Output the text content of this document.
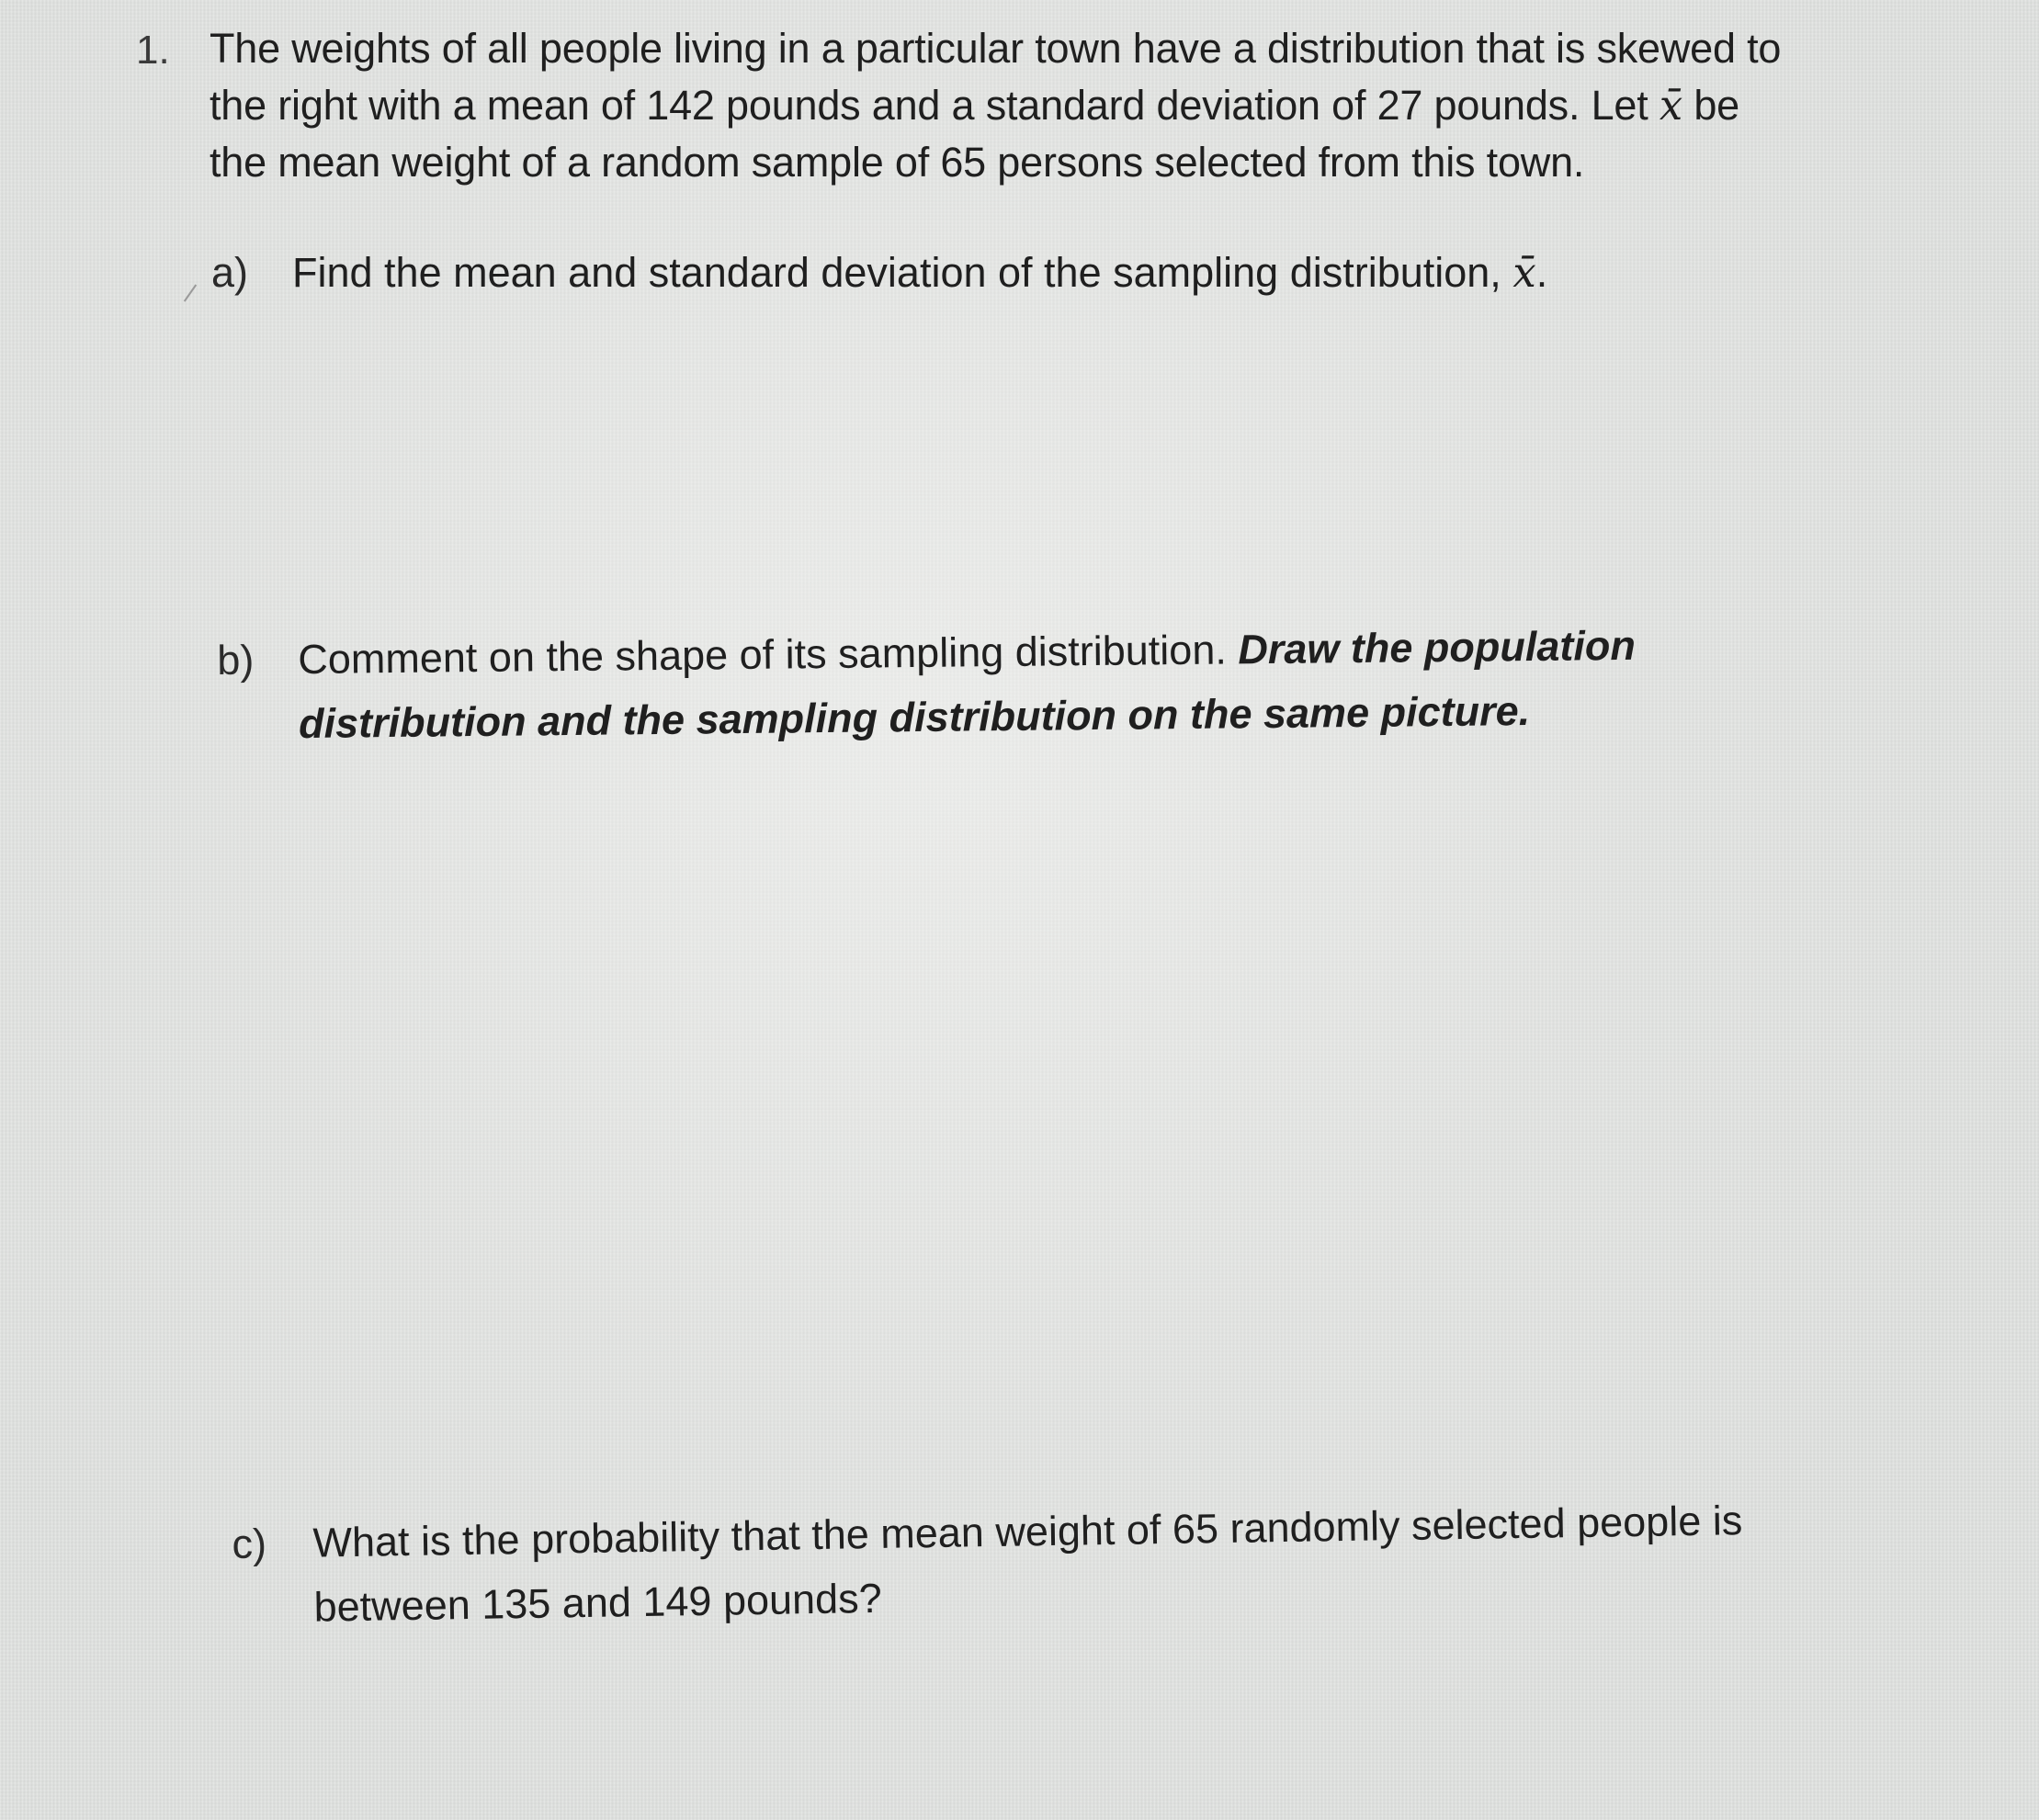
1. The weights of all people living in a particular town have a distribution that is skewed to
the right with a mean of 142 pounds and a standard deviation of 27 pounds. Let x̄ be
the mean weight of a random sample of 65 persons selected from this town.
a) Find the mean and standard deviation of the sampling distribution, x̄.
b) Comment on the shape of its sampling distribution. Draw the population
distribution and the sampling distribution on the same picture.
c) What is the probability that the mean weight of 65 randomly selected people is
between 135 and 149 pounds?
